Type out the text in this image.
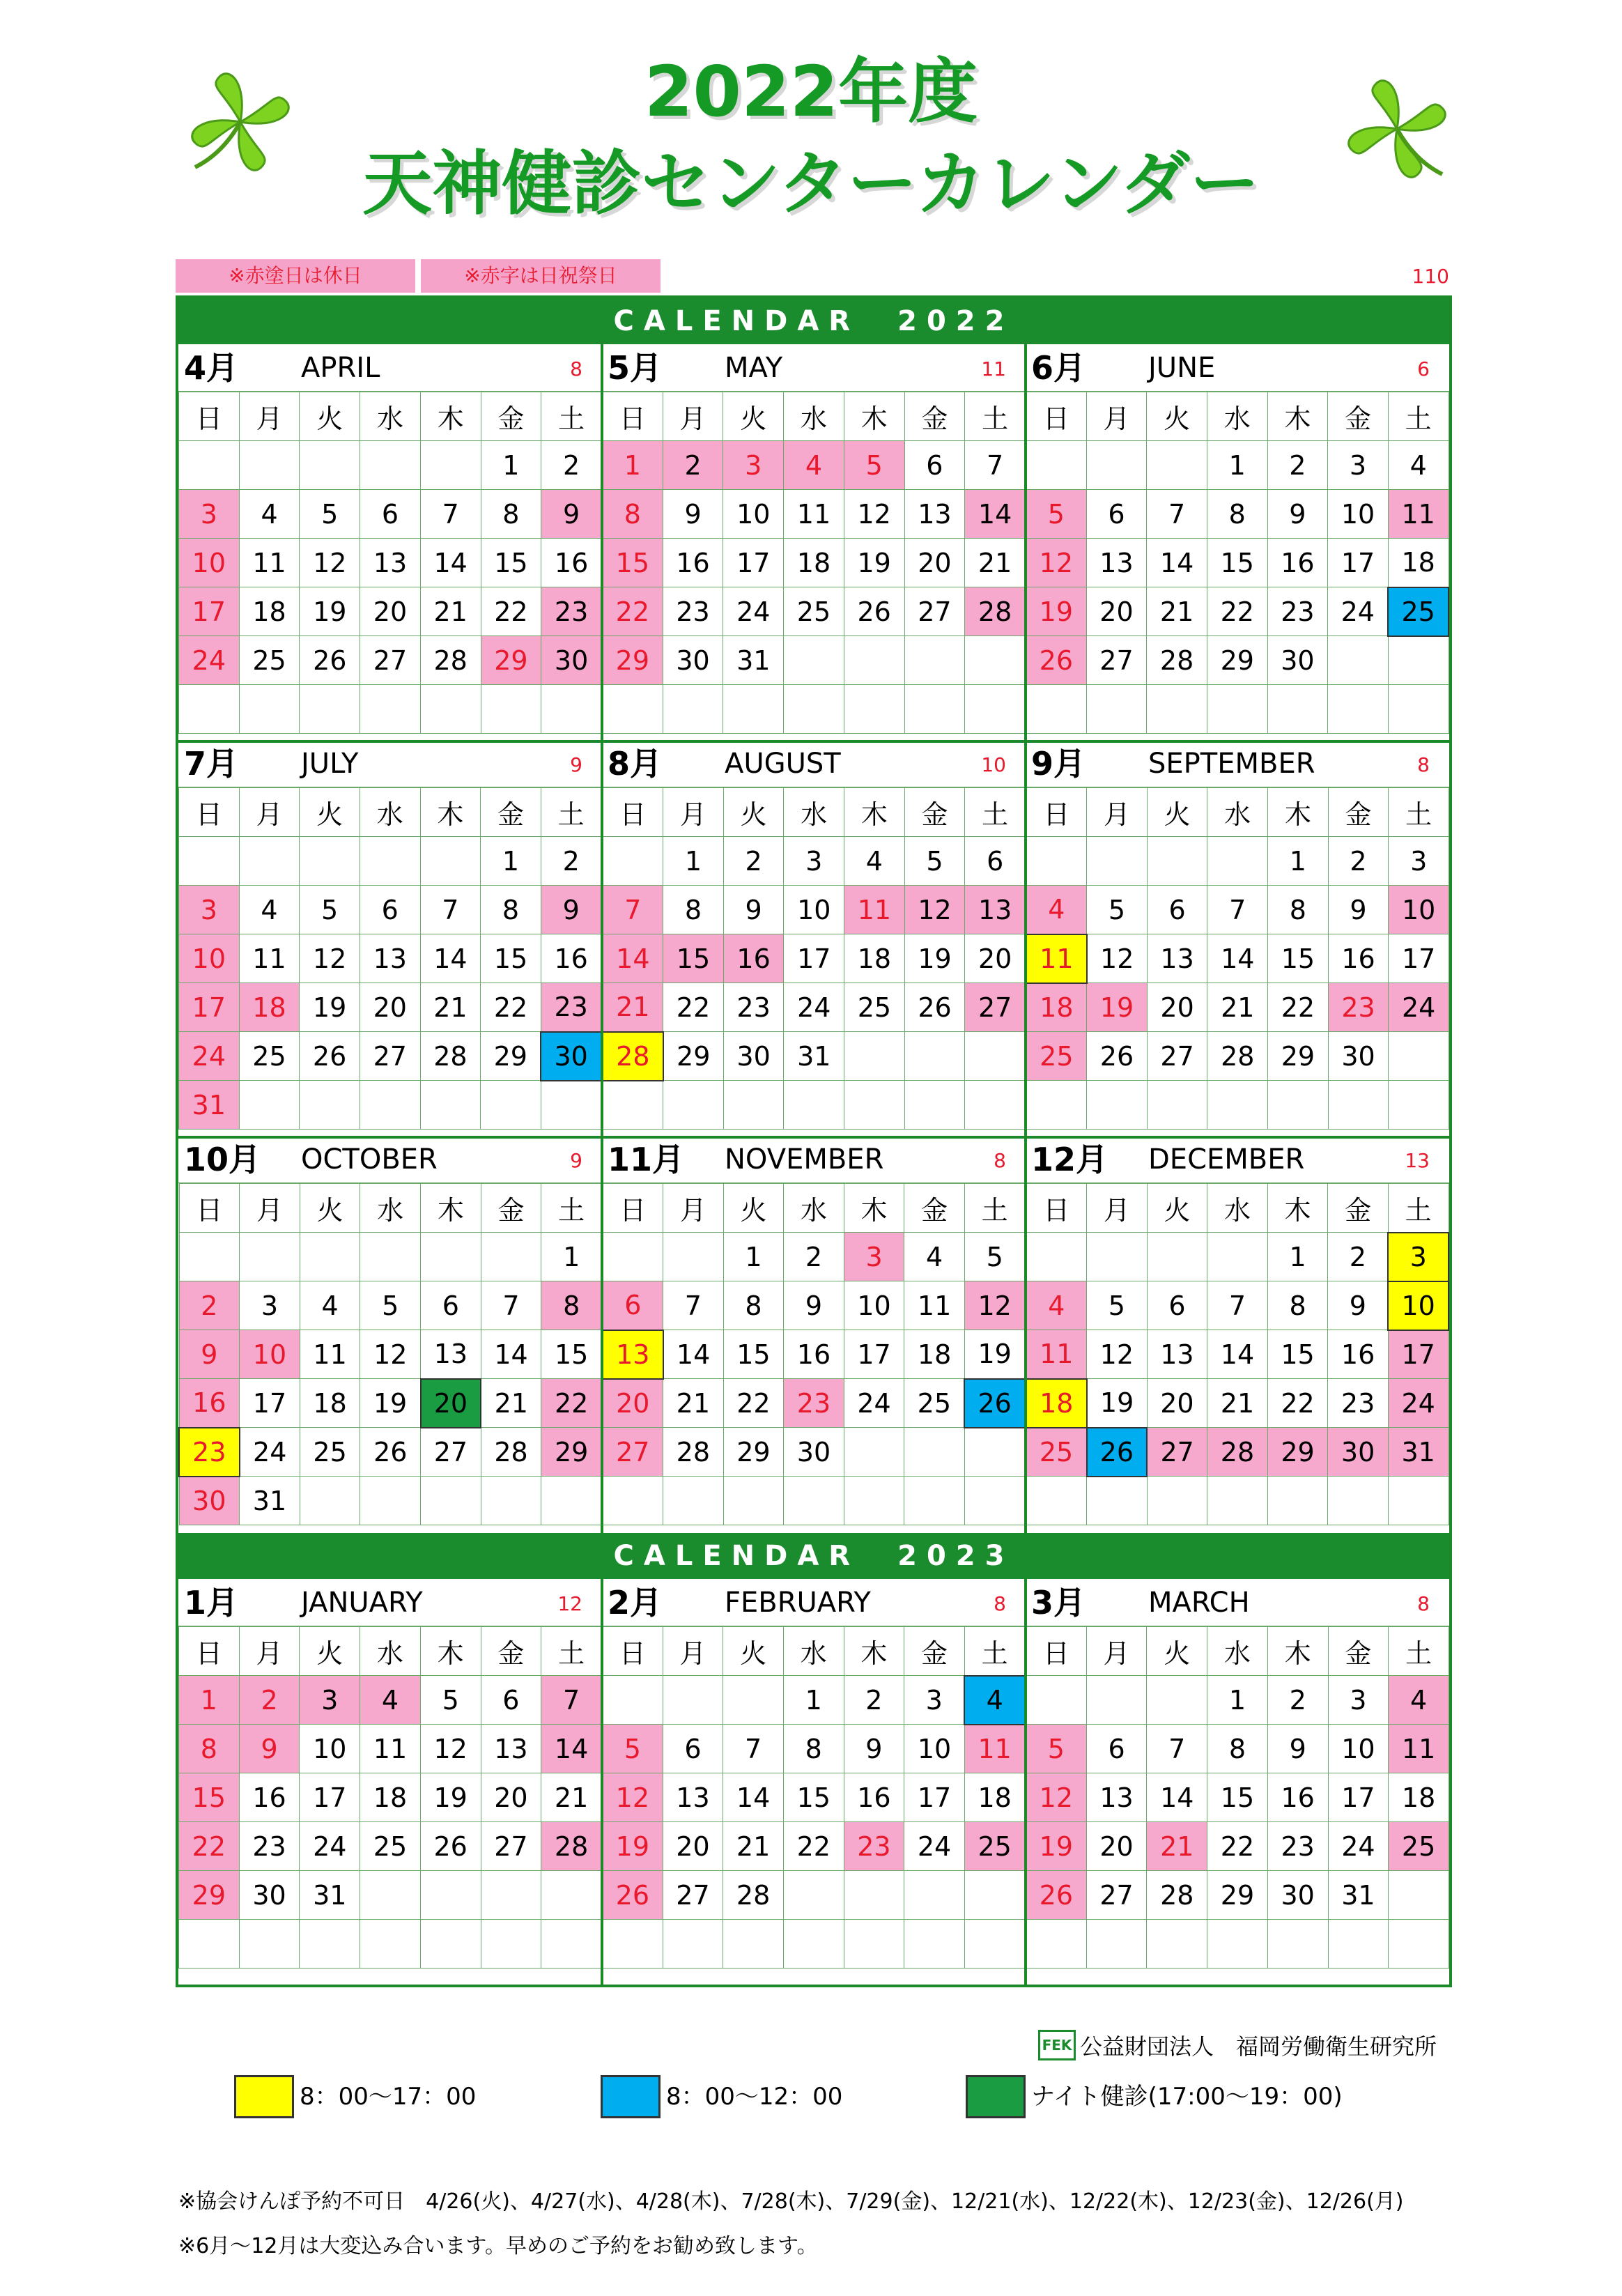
2022年度
天神健診センターカレンダー
※赤塗日は休日	※赤字は日祝祭日	110
CALENDAR　2022
CALENDAR　2023
4月 APRIL	8
日	月	火	水	木	金	土
					1	2
3	4	5	6	7	8	9
10	11	12	13	14	15	16
17	18	19	20	21	22	23
24	25	26	27	28	29	30

5月 MAY	11
日	月	火	水	木	金	土
1	2	3	4	5	6	7
8	9	10	11	12	13	14
15	16	17	18	19	20	21
22	23	24	25	26	27	28
29	30	31				

6月 JUNE	6
日	月	火	水	木	金	土
			1	2	3	4
5	6	7	8	9	10	11
12	13	14	15	16	17	18
19	20	21	22	23	24	25
26	27	28	29	30		

7月 JULY	9
日	月	火	水	木	金	土
					1	2
3	4	5	6	7	8	9
10	11	12	13	14	15	16
17	18	19	20	21	22	23
24	25	26	27	28	29	30
31						
8月 AUGUST	10
日	月	火	水	木	金	土
	1	2	3	4	5	6
7	8	9	10	11	12	13
14	15	16	17	18	19	20
21	22	23	24	25	26	27
28	29	30	31			

9月 SEPTEMBER	8
日	月	火	水	木	金	土
				1	2	3
4	5	6	7	8	9	10
11	12	13	14	15	16	17
18	19	20	21	22	23	24
25	26	27	28	29	30	

10月 OCTOBER	9
日	月	火	水	木	金	土
						1
2	3	4	5	6	7	8
9	10	11	12	13	14	15
16	17	18	19	20	21	22
23	24	25	26	27	28	29
30	31					
11月 NOVEMBER	8
日	月	火	水	木	金	土
		1	2	3	4	5
6	7	8	9	10	11	12
13	14	15	16	17	18	19
20	21	22	23	24	25	26
27	28	29	30			

12月 DECEMBER	13
日	月	火	水	木	金	土
				1	2	3
4	5	6	7	8	9	10
11	12	13	14	15	16	17
18	19	20	21	22	23	24
25	26	27	28	29	30	31

1月 JANUARY	12
日	月	火	水	木	金	土
1	2	3	4	5	6	7
8	9	10	11	12	13	14
15	16	17	18	19	20	21
22	23	24	25	26	27	28
29	30	31				

2月 FEBRUARY	8
日	月	火	水	木	金	土
			1	2	3	4
5	6	7	8	9	10	11
12	13	14	15	16	17	18
19	20	21	22	23	24	25
26	27	28				

3月 MARCH	8
日	月	火	水	木	金	土
			1	2	3	4
5	6	7	8	9	10	11
12	13	14	15	16	17	18
19	20	21	22	23	24	25
26	27	28	29	30	31	

FEK 公益財団法人　福岡労働衛生研究所
8：00～17：00	8：00～12：00	ナイト健診(17:00～19：00)
※協会けんぽ予約不可日　4/26(火)、4/27(水)、4/28(木)、7/28(木)、7/29(金)、12/21(水)、12/22(木)、12/23(金)、12/26(月)
※6月～12月は大変込み合います。早めのご予約をお勧め致します。
